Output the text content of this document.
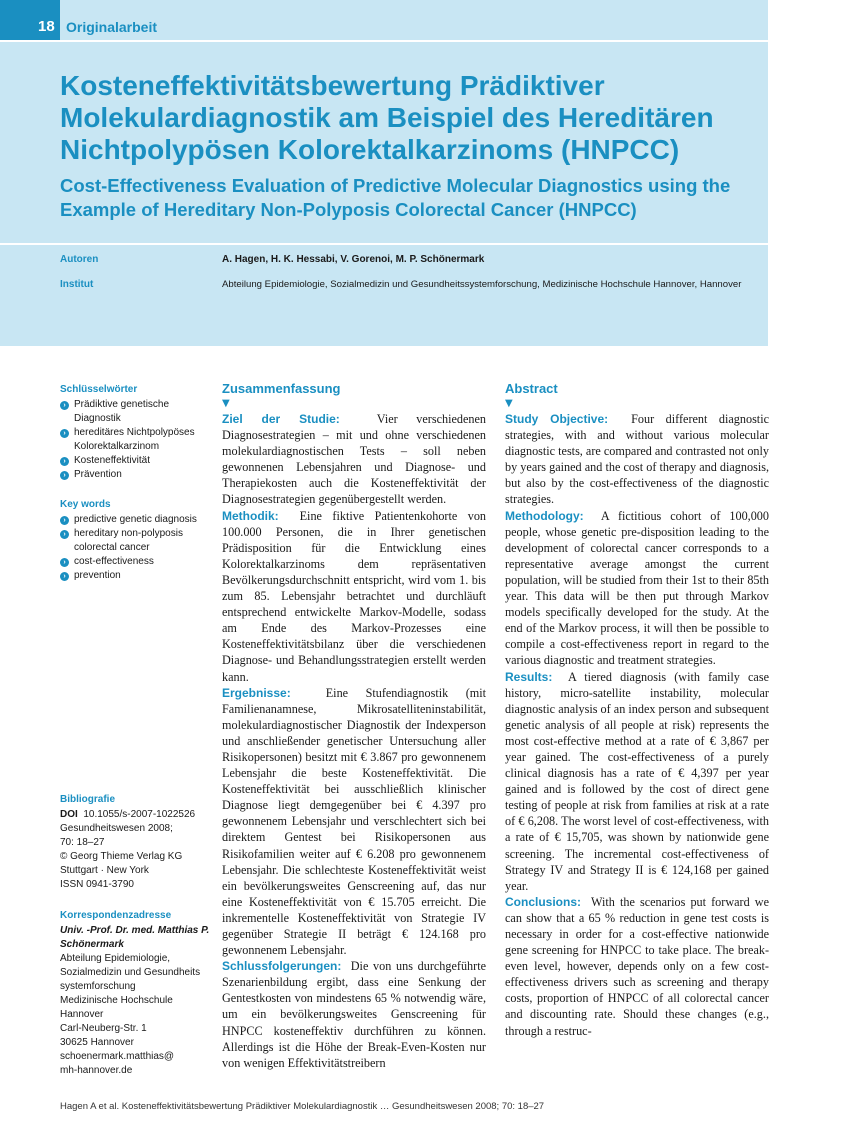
18 Originalarbeit
Kosteneffektivitätsbewertung Prädiktiver Molekulardiagnostik am Beispiel des Hereditären Nichtpolypösen Kolorektalkarzinoms (HNPCC)
Cost-Effectiveness Evaluation of Predictive Molecular Diagnostics using the Example of Hereditary Non-Polyposis Colorectal Cancer (HNPCC)
Autoren	A. Hagen, H. K. Hessabi, V. Gorenoi, M. P. Schönermark
Institut	Abteilung Epidemiologie, Sozialmedizin und Gesundheitssystemforschung, Medizinische Hochschule Hannover, Hannover
Schlüsselwörter
› Prädiktive genetische Diagnostik
› hereditäres Nichtpolypöses Kolorektalkarzinom
› Kosteneffektivität
› Prävention
Key words
› predictive genetic diagnosis
› hereditary non-polyposis colorectal cancer
› cost-effectiveness
› prevention
Bibliografie

DOI 10.1055/s-2007-1022526

Gesundheitswesen 2008;

70: 18–27

© Georg Thieme Verlag KG

Stuttgart · New York

ISSN 0941-3790

Korrespondenzadresse

Univ. -Prof. Dr. med. Matthias P. Schönermark

Abteilung Epidemiologie, Sozialmedizin und Gesundheits systemforschung

Medizinische Hochschule Hannover

Carl-Neuberg-Str. 1

30625 Hannover

schoenermark.matthias@

mh-hannover.de

Zusammenfassung
▼

Ziel der Studie:	Vier verschiedenen Diagnosestrategien – mit und ohne verschiedenen molekulardiagnostischen Tests – soll neben gewonnenen Lebensjahren und Diagnose- und Therapiekosten auch die Kosteneffektivität der Diagnosestrategien gegenübergestellt werden.

Methodik: Eine fiktive Patientenkohorte von 100.000 Personen, die in Ihrer genetischen Prädisposition für die Entwicklung eines Kolorektalkarzinoms dem repräsentativen Bevölkerungsdurchschnitt entspricht, wird vom 1. bis zum 85. Lebensjahr betrachtet und durchläuft entsprechend entwickelte Markov-Modelle, sodass am Ende des Markov-Prozesses eine Kosteneffektivitätsbilanz über die verschiedenen Diagnose- und Behandlungsstrategien erstellt werden kann.

Ergebnisse:	Eine Stufendiagnostik (mit Familienanamnese, Mikrosatelliteninstabilität, molekulardiagnostischer Diagnostik der Indexperson und anschließender genetischer Untersuchung aller Risikopersonen) besitzt mit € 3.867 pro gewonnenem Lebensjahr die beste Kosteneffektivität. Die Kosteneffektivität bei ausschließlich klinischer Diagnose liegt demgegenüber bei € 4.397 pro gewonnenem Lebensjahr und verschlechtert sich bei direktem Gentest bei Risikopersonen aus Risikofamilien weiter auf € 6.208 pro gewonnenem Lebensjahr. Die schlechteste Kosteneffektivität weist ein bevölkerungsweites Genscreening auf, das nur eine Kosteneffektivität von € 15.705 erreicht. Die inkrementelle Kosteneffektivität von Strategie IV gegenüber Strategie II beträgt € 124.168 pro gewonnenem Lebensjahr.

Schlussfolgerungen: Die von uns durchgeführte Szenarienbildung ergibt, dass eine Senkung der Gentestkosten von mindestens 65 % notwendig wäre, um ein bevölkerungsweites Genscreening für HNPCC kosteneffektiv durchführen zu können. Allerdings ist die Höhe der Break-Even-Kosten nur von wenigen Effektivitätstreibern

Abstract
▼

Study Objective: Four different diagnostic strategies, with and without various molecular diagnostic tests, are compared and contrasted not only by years gained and the cost of therapy and diagnosis, but also by the cost-effectiveness of the diagnostic strategies.

Methodology: A fictitious cohort of 100,000 people, whose genetic pre-disposition leading to the development of colorectal cancer corresponds to a representative average amongst the current population, will be studied from their 1st to their 85th year. This data will be then put through Markov models specifically developed for the study. At the end of the Markov process, it will then be possible to compile a cost-effectiveness report in regard to the various diagnostic and treatment strategies.

Results: A tiered diagnosis (with family case history, micro-satellite instability, molecular diagnostic analysis of an index person and subsequent genetic analysis of all people at risk) represents the most cost-effective method at a rate of € 3,867 per year gained. The cost-effectiveness of a purely clinical diagnosis has a rate of € 4,397 per year gained and is followed by the cost of direct gene testing of people at risk from families at risk at a rate of € 6,208. The worst level of cost-effectiveness, with a rate of € 15,705, was shown by nationwide gene screening. The incremental cost-effectiveness of Strategy IV and Strategy II is € 124,168 per gained year.

Conclusions: With the scenarios put forward we can show that a 65 % reduction in gene test costs is necessary in order for a cost-effective nationwide gene screening for HNPCC to take place. The break-even level, however, depends only on a few cost-effectiveness drivers such as screening and therapy costs, proportion of HNPCC of all colorectal cancer and discounting rate. Should these changes (e.g., through a restruc-

Hagen A et al. Kosteneffektivitätsbewertung Prädiktiver Molekulardiagnostik … Gesundheitswesen 2008; 70: 18–27
